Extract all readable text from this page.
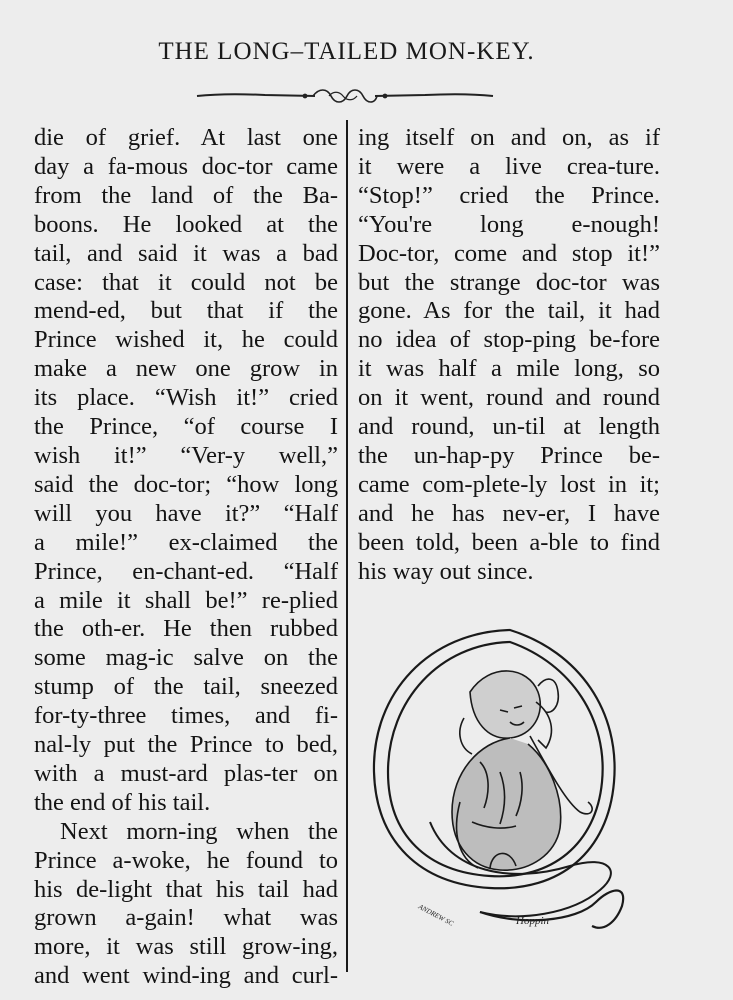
THE LONG–TAILED MON-KEY.
die of grief. At last one
day a fa-mous doc-tor came
from the land of the Ba-
boons. He looked at the
tail, and said it was a bad
case: that it could not be
mend-ed, but that if the
Prince wished it, he could
make a new one grow in
its place. “Wish it!” cried
the Prince, “of course I
wish it!” “Ver-y well,”
said the doc-tor; “how long
will you have it?” “Half
a mile!” ex-claimed the
Prince, en-chant-ed. “Half
a mile it shall be!” re-plied
the oth-er. He then rubbed
some mag-ic salve on the
stump of the tail, sneezed
for-ty-three times, and fi-
nal-ly put the Prince to bed,
with a must-ard plas-ter on
the end of his tail.
Next morn-ing when the
Prince a-woke, he found to
his de-light that his tail had
grown a-gain! what was
more, it was still grow-ing,
and went wind-ing and curl-
ing itself on and on, as if
it were a live crea-ture.
“Stop!” cried the Prince.
“You're long e-nough!
Doc-tor, come and stop it!”
but the strange doc-tor was
gone. As for the tail, it had
no idea of stop-ping be-fore
it was half a mile long, so
on it went, round and round
and round, un-til at length
the un-hap-py Prince be-
came com-plete-ly lost in it;
and he has nev-er, I have
been told, been a-ble to find
his way out since.
ANDREW SC	Hoppin
